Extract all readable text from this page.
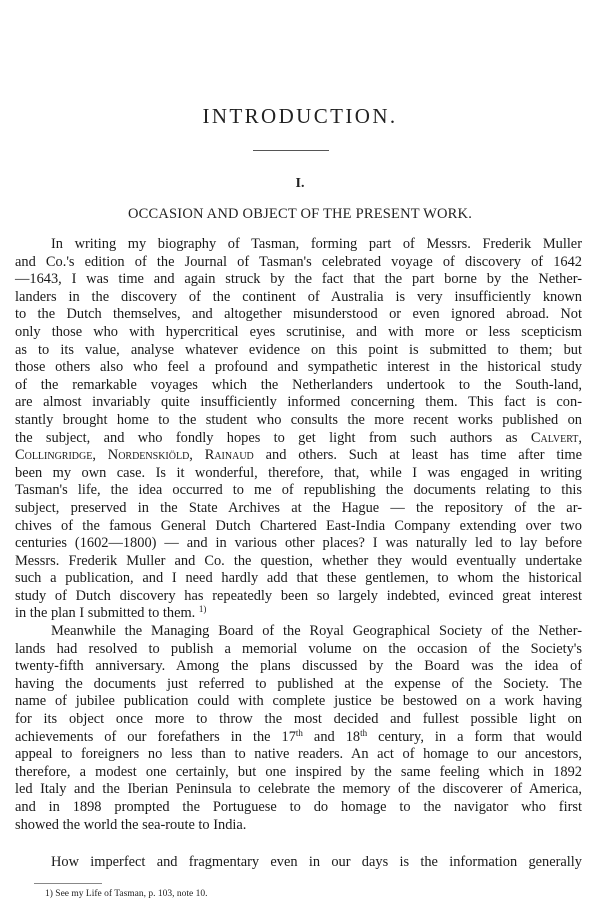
INTRODUCTION.
I.
OCCASION AND OBJECT OF THE PRESENT WORK.
In writing my biography of Tasman, forming part of Messrs. Frederik Muller
and Co.'s edition of the Journal of Tasman's celebrated voyage of discovery of 1642
—1643, I was time and again struck by the fact that the part borne by the Nether-
landers in the discovery of the continent of Australia is very insufficiently known
to the Dutch themselves, and altogether misunderstood or even ignored abroad. Not
only those who with hypercritical eyes scrutinise, and with more or less scepticism
as to its value, analyse whatever evidence on this point is submitted to them; but
those others also who feel a profound and sympathetic interest in the historical study
of the remarkable voyages which the Netherlanders undertook to the South-land,
are almost invariably quite insufficiently informed concerning them. This fact is con-
stantly brought home to the student who consults the more recent works published on
the subject, and who fondly hopes to get light from such authors as Calvert,
Collingridge, Nordenskiöld, Rainaud and others. Such at least has time after time
been my own case. Is it wonderful, therefore, that, while I was engaged in writing
Tasman's life, the idea occurred to me of republishing the documents relating to this
subject, preserved in the State Archives at the Hague — the repository of the ar-
chives of the famous General Dutch Chartered East-India Company extending over two
centuries (1602—1800) — and in various other places? I was naturally led to lay before
Messrs. Frederik Muller and Co. the question, whether they would eventually undertake
such a publication, and I need hardly add that these gentlemen, to whom the historical
study of Dutch discovery has repeatedly been so largely indebted, evinced great interest
in the plan I submitted to them. $^{1)}$
Meanwhile the Managing Board of the Royal Geographical Society of the Nether-
lands had resolved to publish a memorial volume on the occasion of the Society's
twenty-fifth anniversary. Among the plans discussed by the Board was the idea of
having the documents just referred to published at the expense of the Society. The
name of jubilee publication could with complete justice be bestowed on a work having
for its object once more to throw the most decided and fullest possible light on
achievements of our forefathers in the 17th and 18th century, in a form that would
appeal to foreigners no less than to native readers. An act of homage to our ancestors,
therefore, a modest one certainly, but one inspired by the same feeling which in 1892
led Italy and the Iberian Peninsula to celebrate the memory of the discoverer of America,
and in 1898 prompted the Portuguese to do homage to the navigator who first
showed the world the sea-route to India.
How imperfect and fragmentary even in our days is the information generally
1) See my Life of Tasman, p. 103, note 10.
